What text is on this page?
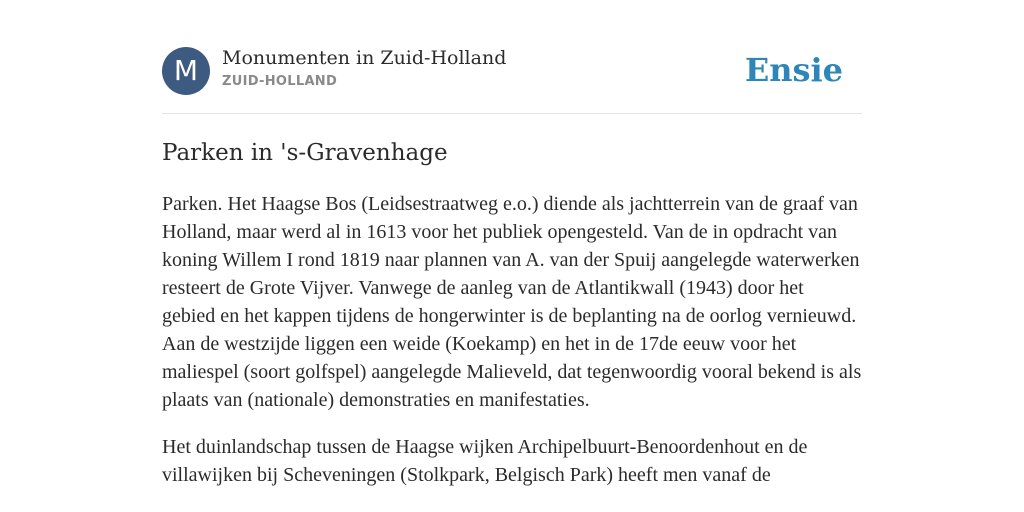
M	Monumenten in Zuid-Holland
ZUID-HOLLAND	Ensie
Parken in 's-Gravenhage

Parken. Het Haagse Bos (Leidsestraatweg e.o.) diende als jachtterrein van de graaf van Holland, maar werd al in 1613 voor het publiek opengesteld. Van de in opdracht van koning Willem I rond 1819 naar plannen van A. van der Spuij aangelegde waterwerken resteert de Grote Vijver. Vanwege de aanleg van de Atlantikwall (1943) door het gebied en het kappen tijdens de hongerwinter is de beplanting na de oorlog vernieuwd. Aan de westzijde liggen een weide (Koekamp) en het in de 17de eeuw voor het maliespel (soort golfspel) aangelegde Malieveld, dat tegenwoordig vooral bekend is als plaats van (nationale) demonstraties en manifestaties.

Het duinlandschap tussen de Haagse wijken Archipelbuurt-Benoordenhout en de villawijken bij Scheveningen (Stolkpark, Belgisch Park) heeft men vanaf de
